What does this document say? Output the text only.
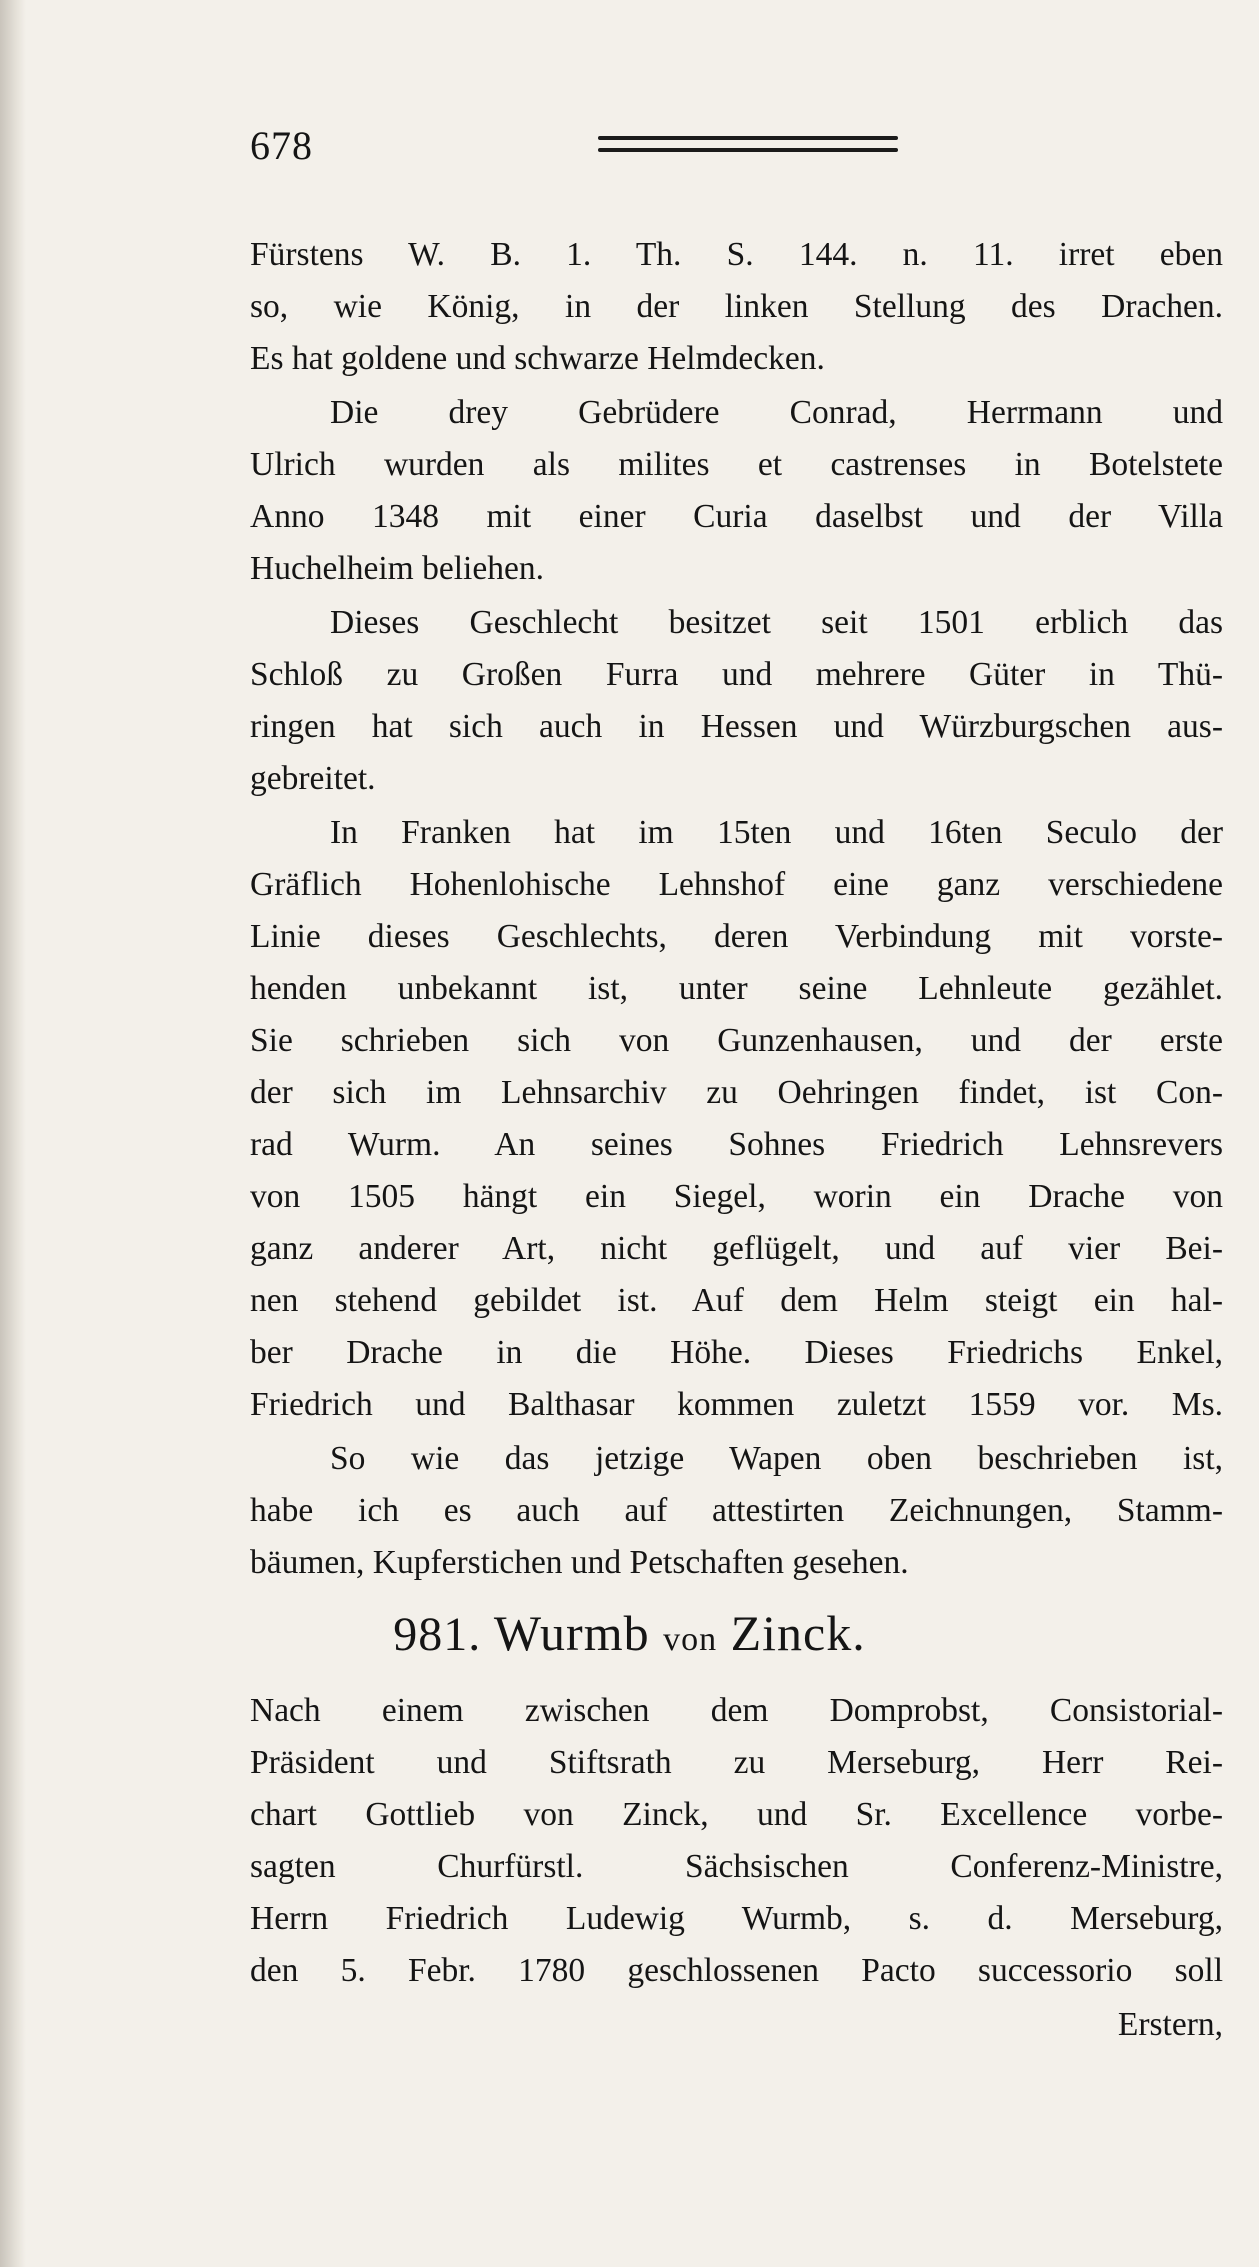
678
Fürstens W. B. 1. Th. S. 144. n. 11. irret eben
so, wie König, in der linken Stellung des Drachen.
Es hat goldene und schwarze Helmdecken.
Die drey Gebrüdere Conrad, Herrmann und
Ulrich wurden als milites et castrenses in Botelstete
Anno 1348 mit einer Curia daselbst und der Villa
Huchelheim beliehen.
Dieses Geschlecht besitzet seit 1501 erblich das
Schloß zu Großen Furra und mehrere Güter in Thü-
ringen hat sich auch in Hessen und Würzburgschen aus-
gebreitet.
In Franken hat im 15ten und 16ten Seculo der
Gräflich Hohenlohische Lehnshof eine ganz verschiedene
Linie dieses Geschlechts, deren Verbindung mit vorste-
henden unbekannt ist, unter seine Lehnleute gezählet.
Sie schrieben sich von Gunzenhausen, und der erste
der sich im Lehnsarchiv zu Oehringen findet, ist Con-
rad Wurm. An seines Sohnes Friedrich Lehnsrevers
von 1505 hängt ein Siegel, worin ein Drache von
ganz anderer Art, nicht geflügelt, und auf vier Bei-
nen stehend gebildet ist. Auf dem Helm steigt ein hal-
ber Drache in die Höhe. Dieses Friedrichs Enkel,
Friedrich und Balthasar kommen zuletzt 1559 vor. Ms.
So wie das jetzige Wapen oben beschrieben ist,
habe ich es auch auf attestirten Zeichnungen, Stamm-
bäumen, Kupferstichen und Petschaften gesehen.
981. Wurmb von Zinck.
Nach einem zwischen dem Domprobst, Consistorial-
Präsident und Stiftsrath zu Merseburg, Herr Rei-
chart Gottlieb von Zinck, und Sr. Excellence vorbe-
sagten Churfürstl. Sächsischen Conferenz-Ministre,
Herrn Friedrich Ludewig Wurmb, s. d. Merseburg,
den 5. Febr. 1780 geschlossenen Pacto successorio soll
Erstern,
